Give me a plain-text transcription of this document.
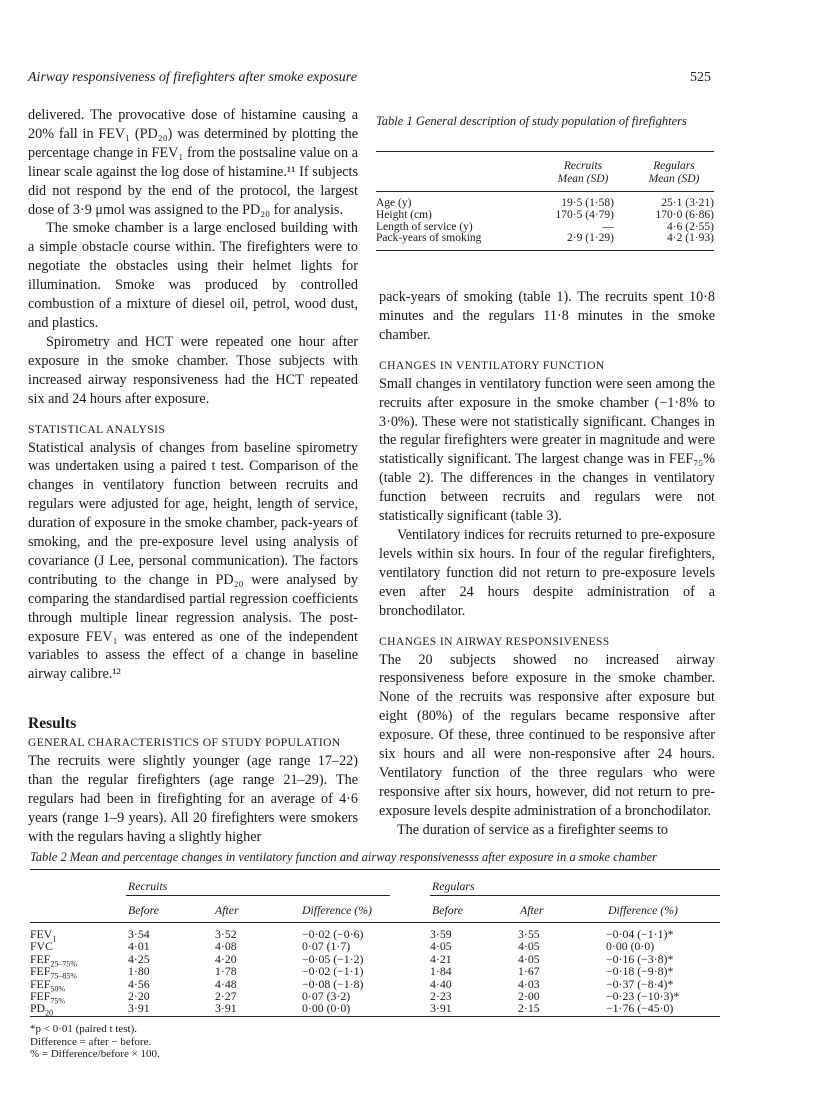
Airway responsiveness of firefighters after smoke exposure	525

delivered. The provocative dose of histamine causing a 20% fall in FEV₁ (PD₂₀) was determined by plotting the percentage change in FEV₁ from the postsaline value on a linear scale against the log dose of histamine.¹¹ If subjects did not respond by the end of the protocol, the largest dose of 3·9 μmol was assigned to the PD₂₀ for analysis.

The smoke chamber is a large enclosed building with a simple obstacle course within. The firefighters were to negotiate the obstacles using their helmet lights for illumination. Smoke was produced by controlled combustion of a mixture of diesel oil, petrol, wood dust, and plastics.

Spirometry and HCT were repeated one hour after exposure in the smoke chamber. Those subjects with increased airway responsiveness had the HCT repeated six and 24 hours after exposure.

STATISTICAL ANALYSIS

Statistical analysis of changes from baseline spirometry was undertaken using a paired t test. Comparison of the changes in ventilatory function between recruits and regulars were adjusted for age, height, length of service, duration of exposure in the smoke chamber, pack-years of smoking, and the pre-exposure level using analysis of covariance (J Lee, personal communication). The factors contributing to the change in PD₂₀ were analysed by comparing the standardised partial regression coefficients through multiple linear regression analysis. The post-exposure FEV₁ was entered as one of the independent variables to assess the effect of a change in baseline airway calibre.¹²

Results

GENERAL CHARACTERISTICS OF STUDY POPULATION

The recruits were slightly younger (age range 17–22) than the regular firefighters (age range 21–29). The regulars had been in firefighting for an average of 4·6 years (range 1–9 years). All 20 firefighters were smokers with the regulars having a slightly higher

Table 1 General description of study population of firefighters
Recruits
Mean (SD)
Regulars
Mean (SD)
Age (y)	19·5 (1·58)	25·1 (3·21)
Height (cm)	170·5 (4·79)	170·0 (6·86)
Length of service (y)	—	4·6 (2·55)
Pack-years of smoking	2·9 (1·29)	4·2 (1·93)

pack-years of smoking (table 1). The recruits spent 10·8 minutes and the regulars 11·8 minutes in the smoke chamber.

CHANGES IN VENTILATORY FUNCTION

Small changes in ventilatory function were seen among the recruits after exposure in the smoke chamber (−1·8% to 3·0%). These were not statistically significant. Changes in the regular firefighters were greater in magnitude and were statistically significant. The largest change was in FEF₇₅% (table 2). The differences in the changes in ventilatory function between recruits and regulars were not statistically significant (table 3).

Ventilatory indices for recruits returned to pre-exposure levels within six hours. In four of the regular firefighters, ventilatory function did not return to pre-exposure levels even after 24 hours despite administration of a bronchodilator.

CHANGES IN AIRWAY RESPONSIVENESS

The 20 subjects showed no increased airway responsiveness before exposure in the smoke chamber. None of the recruits was responsive after exposure but eight (80%) of the regulars became responsive after exposure. Of these, three continued to be responsive after six hours and all were non-responsive after 24 hours. Ventilatory function of the three regulars who were responsive after six hours, however, did not return to pre-exposure levels despite administration of a bronchodilator.

The duration of service as a firefighter seems to

Table 2 Mean and percentage changes in ventilatory function and airway responsivenesss after exposure in a smoke chamber
Recruits	Regulars
Before	After	Difference (%)	Before	After	Difference (%)
$FEV_1$	3·54	3·52	−0·02 (−0·6)	3·59	3·55	−0·04 (−1·1)*
FVC	4·01	4·08	0·07 (1·7)	4·05	4·05	0·00 (0·0)
$FEF_{25-75\%}$	4·25	4·20	−0·05 (−1·2)	4·21	4·05	−0·16 (−3·8)*
$FEF_{75-85\%}$	1·80	1·78	−0·02 (−1·1)	1·84	1·67	−0·18 (−9·8)*
$FEF_{50\%}$	4·56	4·48	−0·08 (−1·8)	4·40	4·03	−0·37 (−8·4)*
$FEF_{75\%}$	2·20	2·27	0·07 (3·2)	2·23	2·00	−0·23 (−10·3)*
$PD_{20}$	3·91	3·91	0·00 (0·0)	3·91	2·15	−1·76 (−45·0)
*p < 0·01 (paired t test).
Difference = after − before.
% = Difference/before × 100.
